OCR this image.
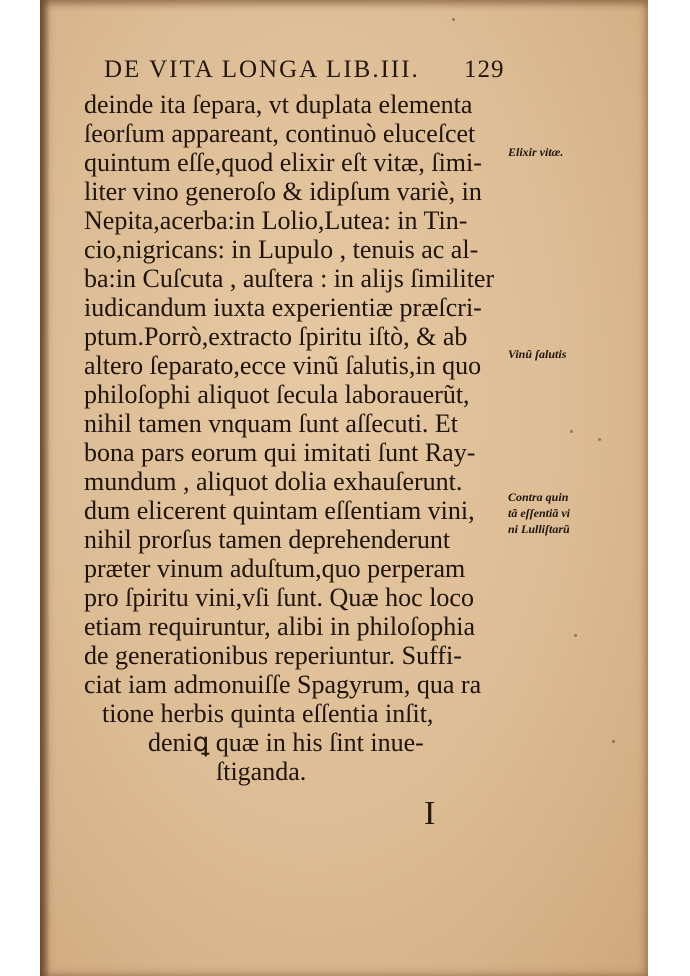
DE VITA LONGA LIB.III. 129
deinde ita ſepara, vt duplata elementa
ſeorſum appareant, continuò eluceſcet
quintum eſſe,quod elixir eſt vitæ, ſimi-
liter vino generoſo & idipſum variè, in
Nepita,acerba:in Lolio,Lutea: in Tin-
cio,nigricans: in Lupulo , tenuis ac al-
ba:in Cuſcuta , auſtera : in alijs ſimiliter
iudicandum iuxta experientiæ præſcri-
ptum.Porrò,extracto ſpiritu iſtò, & ab
altero ſeparato,ecce vinũ ſalutis,in quo
philoſophi aliquot ſecula laborauerũt,
nihil tamen vnquam ſunt aſſecuti. Et
bona pars eorum qui imitati ſunt Ray-
mundum , aliquot dolia exhauſerunt.
dum elicerent quintam eſſentiam vini,
nihil prorſus tamen deprehenderunt
præter vinum aduſtum,quo perperam
pro ſpiritu vini,vſi ſunt. Quæ hoc loco
etiam requiruntur, alibi in philoſophia
de generationibus reperiuntur. Suffi-
ciat iam admonuiſſe Spagyrum, qua ra
tione herbis quinta eſſentia inſit,
deniꝗ quæ in his ſint inue-
ſtiganda.
Elixir vitæ.
Vinũ ſalutis
Contra quin
tã eſſentiã vi
ni Lulliſtarũ
I
